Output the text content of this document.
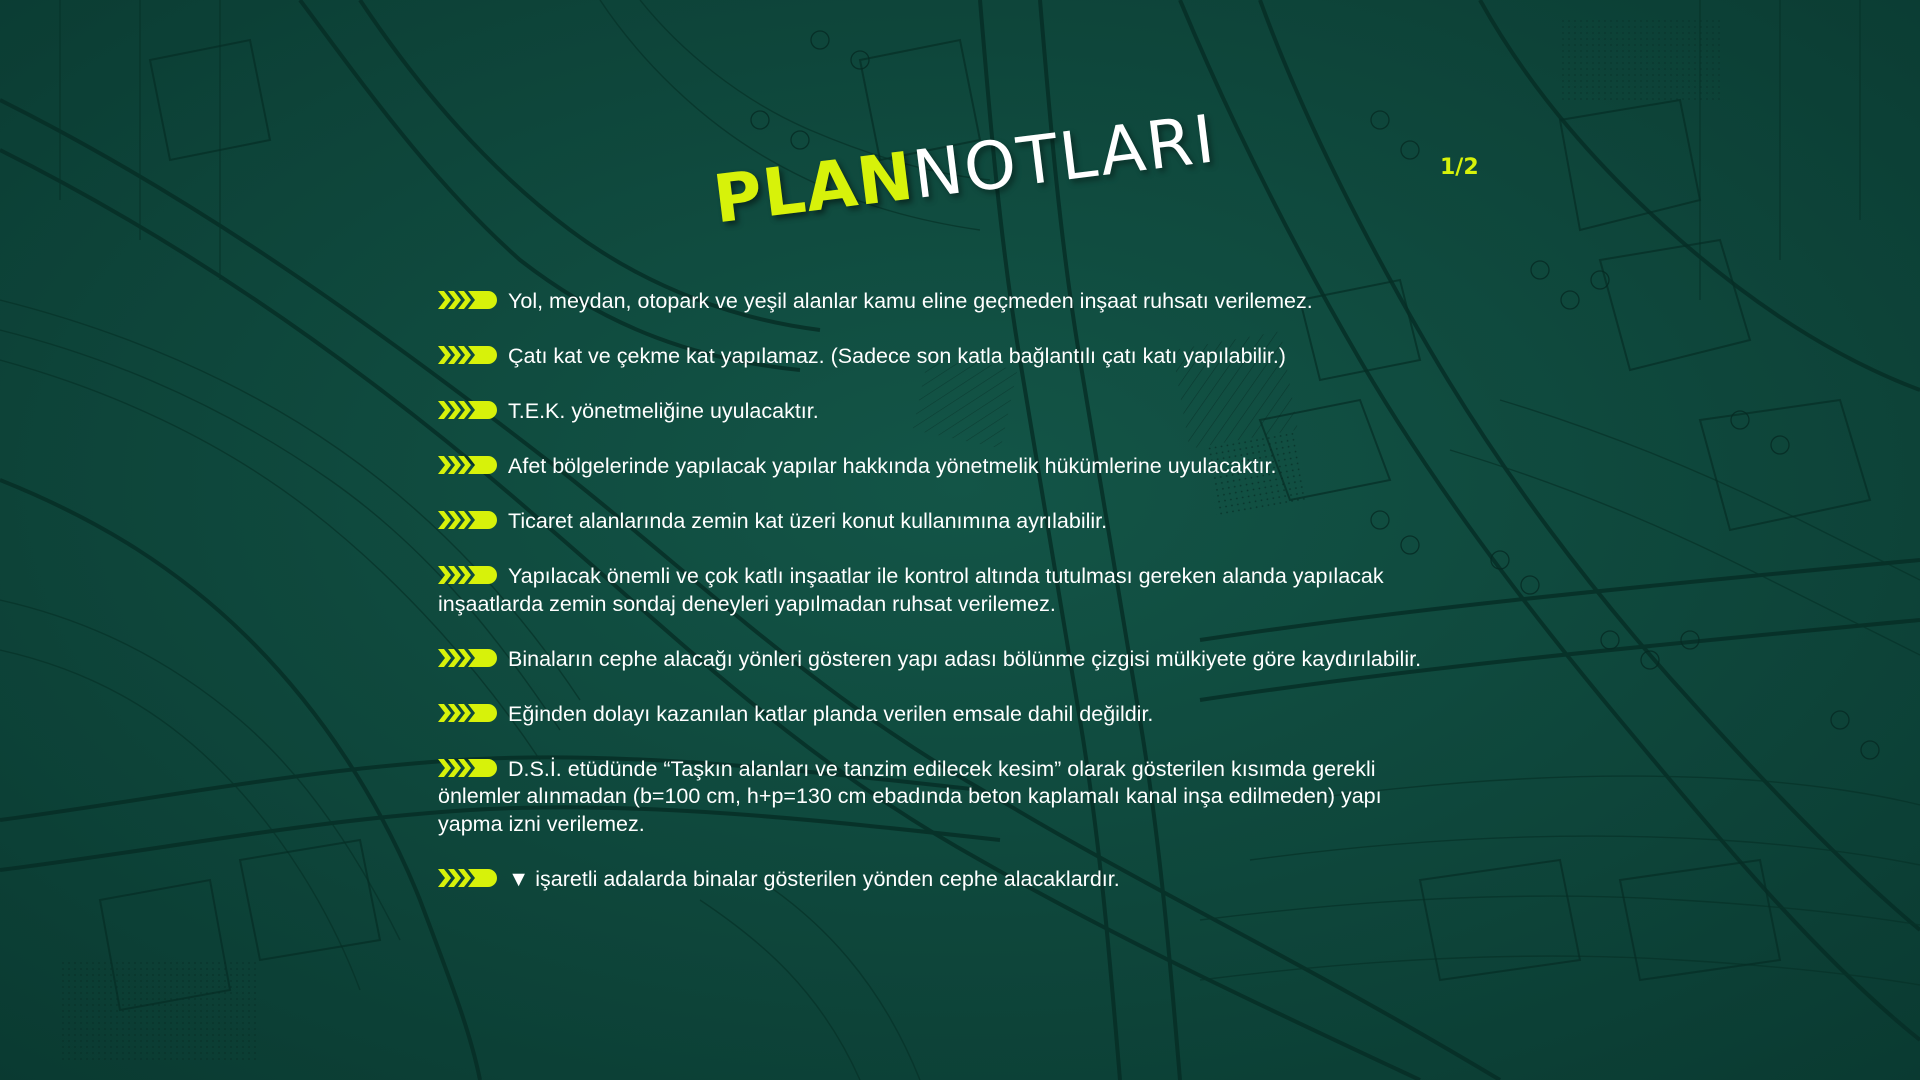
PLANNOTLARI	1/2
Yol, meydan, otopark ve yeşil alanlar kamu eline geçmeden inşaat ruhsatı verilemez.
Çatı kat ve çekme kat yapılamaz. (Sadece son katla bağlantılı çatı katı yapılabilir.)
T.E.K. yönetmeliğine uyulacaktır.
Afet bölgelerinde yapılacak yapılar hakkında yönetmelik hükümlerine uyulacaktır.
Ticaret alanlarında zemin kat üzeri konut kullanımına ayrılabilir.
Yapılacak önemli ve çok katlı inşaatlar ile kontrol altında tutulması gereken alanda yapılacak inşaatlarda zemin sondaj deneyleri yapılmadan ruhsat verilemez.
Binaların cephe alacağı yönleri gösteren yapı adası bölünme çizgisi mülkiyete göre kaydırılabilir.
Eğinden dolayı kazanılan katlar planda verilen emsale dahil değildir.
D.S.İ. etüdünde “Taşkın alanları ve tanzim edilecek kesim” olarak gösterilen kısımda gerekli önlemler alınmadan (b=100 cm, h+p=130 cm ebadında beton kaplamalı kanal inşa edilmeden) yapı yapma izni verilemez.
▼ işaretli adalarda binalar gösterilen yönden cephe alacaklardır.
